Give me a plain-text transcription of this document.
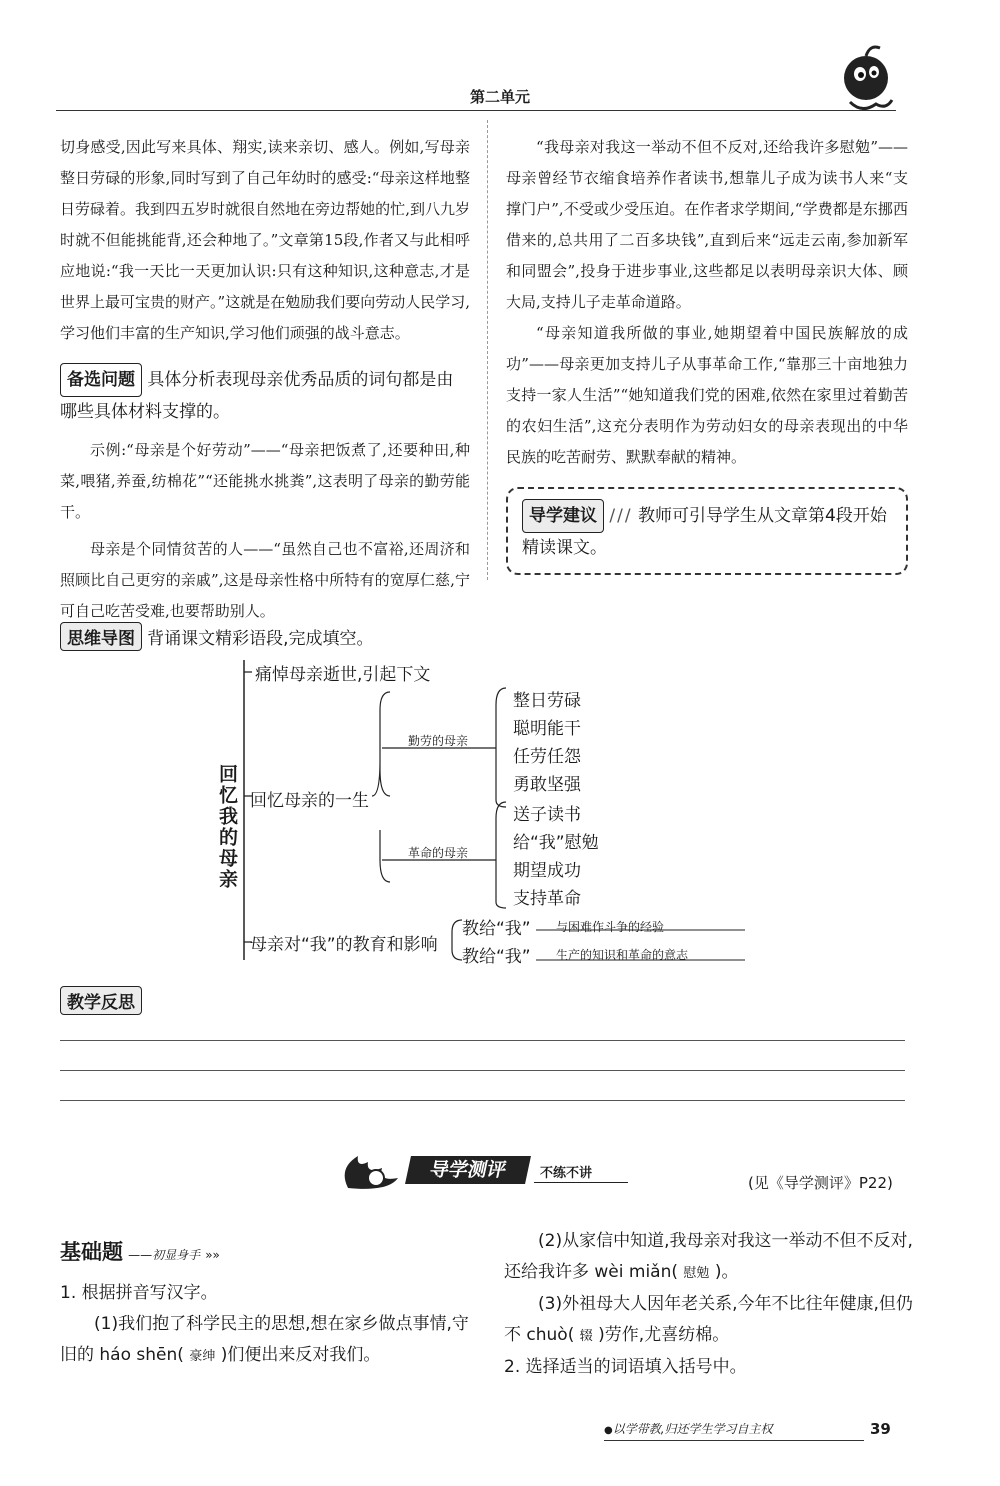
第二单元

切身感受,因此写来具体、翔实,读来亲切、感人。例如,写母亲整日劳碌的形象,同时写到了自己年幼时的感受:“母亲这样地整日劳碌着。我到四五岁时就很自然地在旁边帮她的忙,到八九岁时就不但能挑能背,还会种地了。”文章第15段,作者又与此相呼应地说:“我一天比一天更加认识:只有这种知识,这种意志,才是世界上最可宝贵的财产。”这就是在勉励我们要向劳动人民学习,学习他们丰富的生产知识,学习他们顽强的战斗意志。

备选问题 具体分析表现母亲优秀品质的词句都是由哪些具体材料支撑的。

示例:“母亲是个好劳动”——“母亲把饭煮了,还要种田,种菜,喂猪,养蚕,纺棉花”“还能挑水挑粪”,这表明了母亲的勤劳能干。

母亲是个同情贫苦的人——“虽然自己也不富裕,还周济和照顾比自己更穷的亲戚”,这是母亲性格中所特有的宽厚仁慈,宁可自己吃苦受难,也要帮助别人。

“我母亲对我这一举动不但不反对,还给我许多慰勉”——母亲曾经节衣缩食培养作者读书,想靠儿子成为读书人来“支撑门户”,不受或少受压迫。在作者求学期间,“学费都是东挪西借来的,总共用了二百多块钱”,直到后来“远走云南,参加新军和同盟会”,投身于进步事业,这些都足以表明母亲识大体、顾大局,支持儿子走革命道路。

“母亲知道我所做的事业,她期望着中国民族解放的成功”——母亲更加支持儿子从事革命工作,“靠那三十亩地独力支持一家人生活”“她知道我们党的困难,依然在家里过着勤苦的农妇生活”,这充分表明作为劳动妇女的母亲表现出的中华民族的吃苦耐劳、默默奉献的精神。

导学建议 /// 教师可引导学生从文章第4段开始精读课文。

思维导图 背诵课文精彩语段,完成填空。
回忆我的母亲
痛悼母亲逝世,引起下文
回忆母亲的一生
勤劳的母亲
革命的母亲
整日劳碌
聪明能干
任劳任怨
勇敢坚强
送子读书
给“我”慰勉
期望成功
支持革命
母亲对“我”的教育和影响
教给“我” 与困难作斗争的经验
教给“我” 生产的知识和革命的意志
教学反思
导学测评	不练不讲
(见《导学测评》P22)
基础题 ——初显身手 »»

1. 根据拼音写汉字。

(1)我们抱了科学民主的思想,想在家乡做点事情,守旧的 háo shēn( 豪绅 )们便出来反对我们。

(2)从家信中知道,我母亲对我这一举动不但不反对,还给我许多 wèi miǎn( 慰勉 )。

(3)外祖母大人因年老关系,今年不比往年健康,但仍不 chuò( 辍 )劳作,尤喜纺棉。

2. 选择适当的词语填入括号中。

●以学带教,归还学生学习自主权	39
